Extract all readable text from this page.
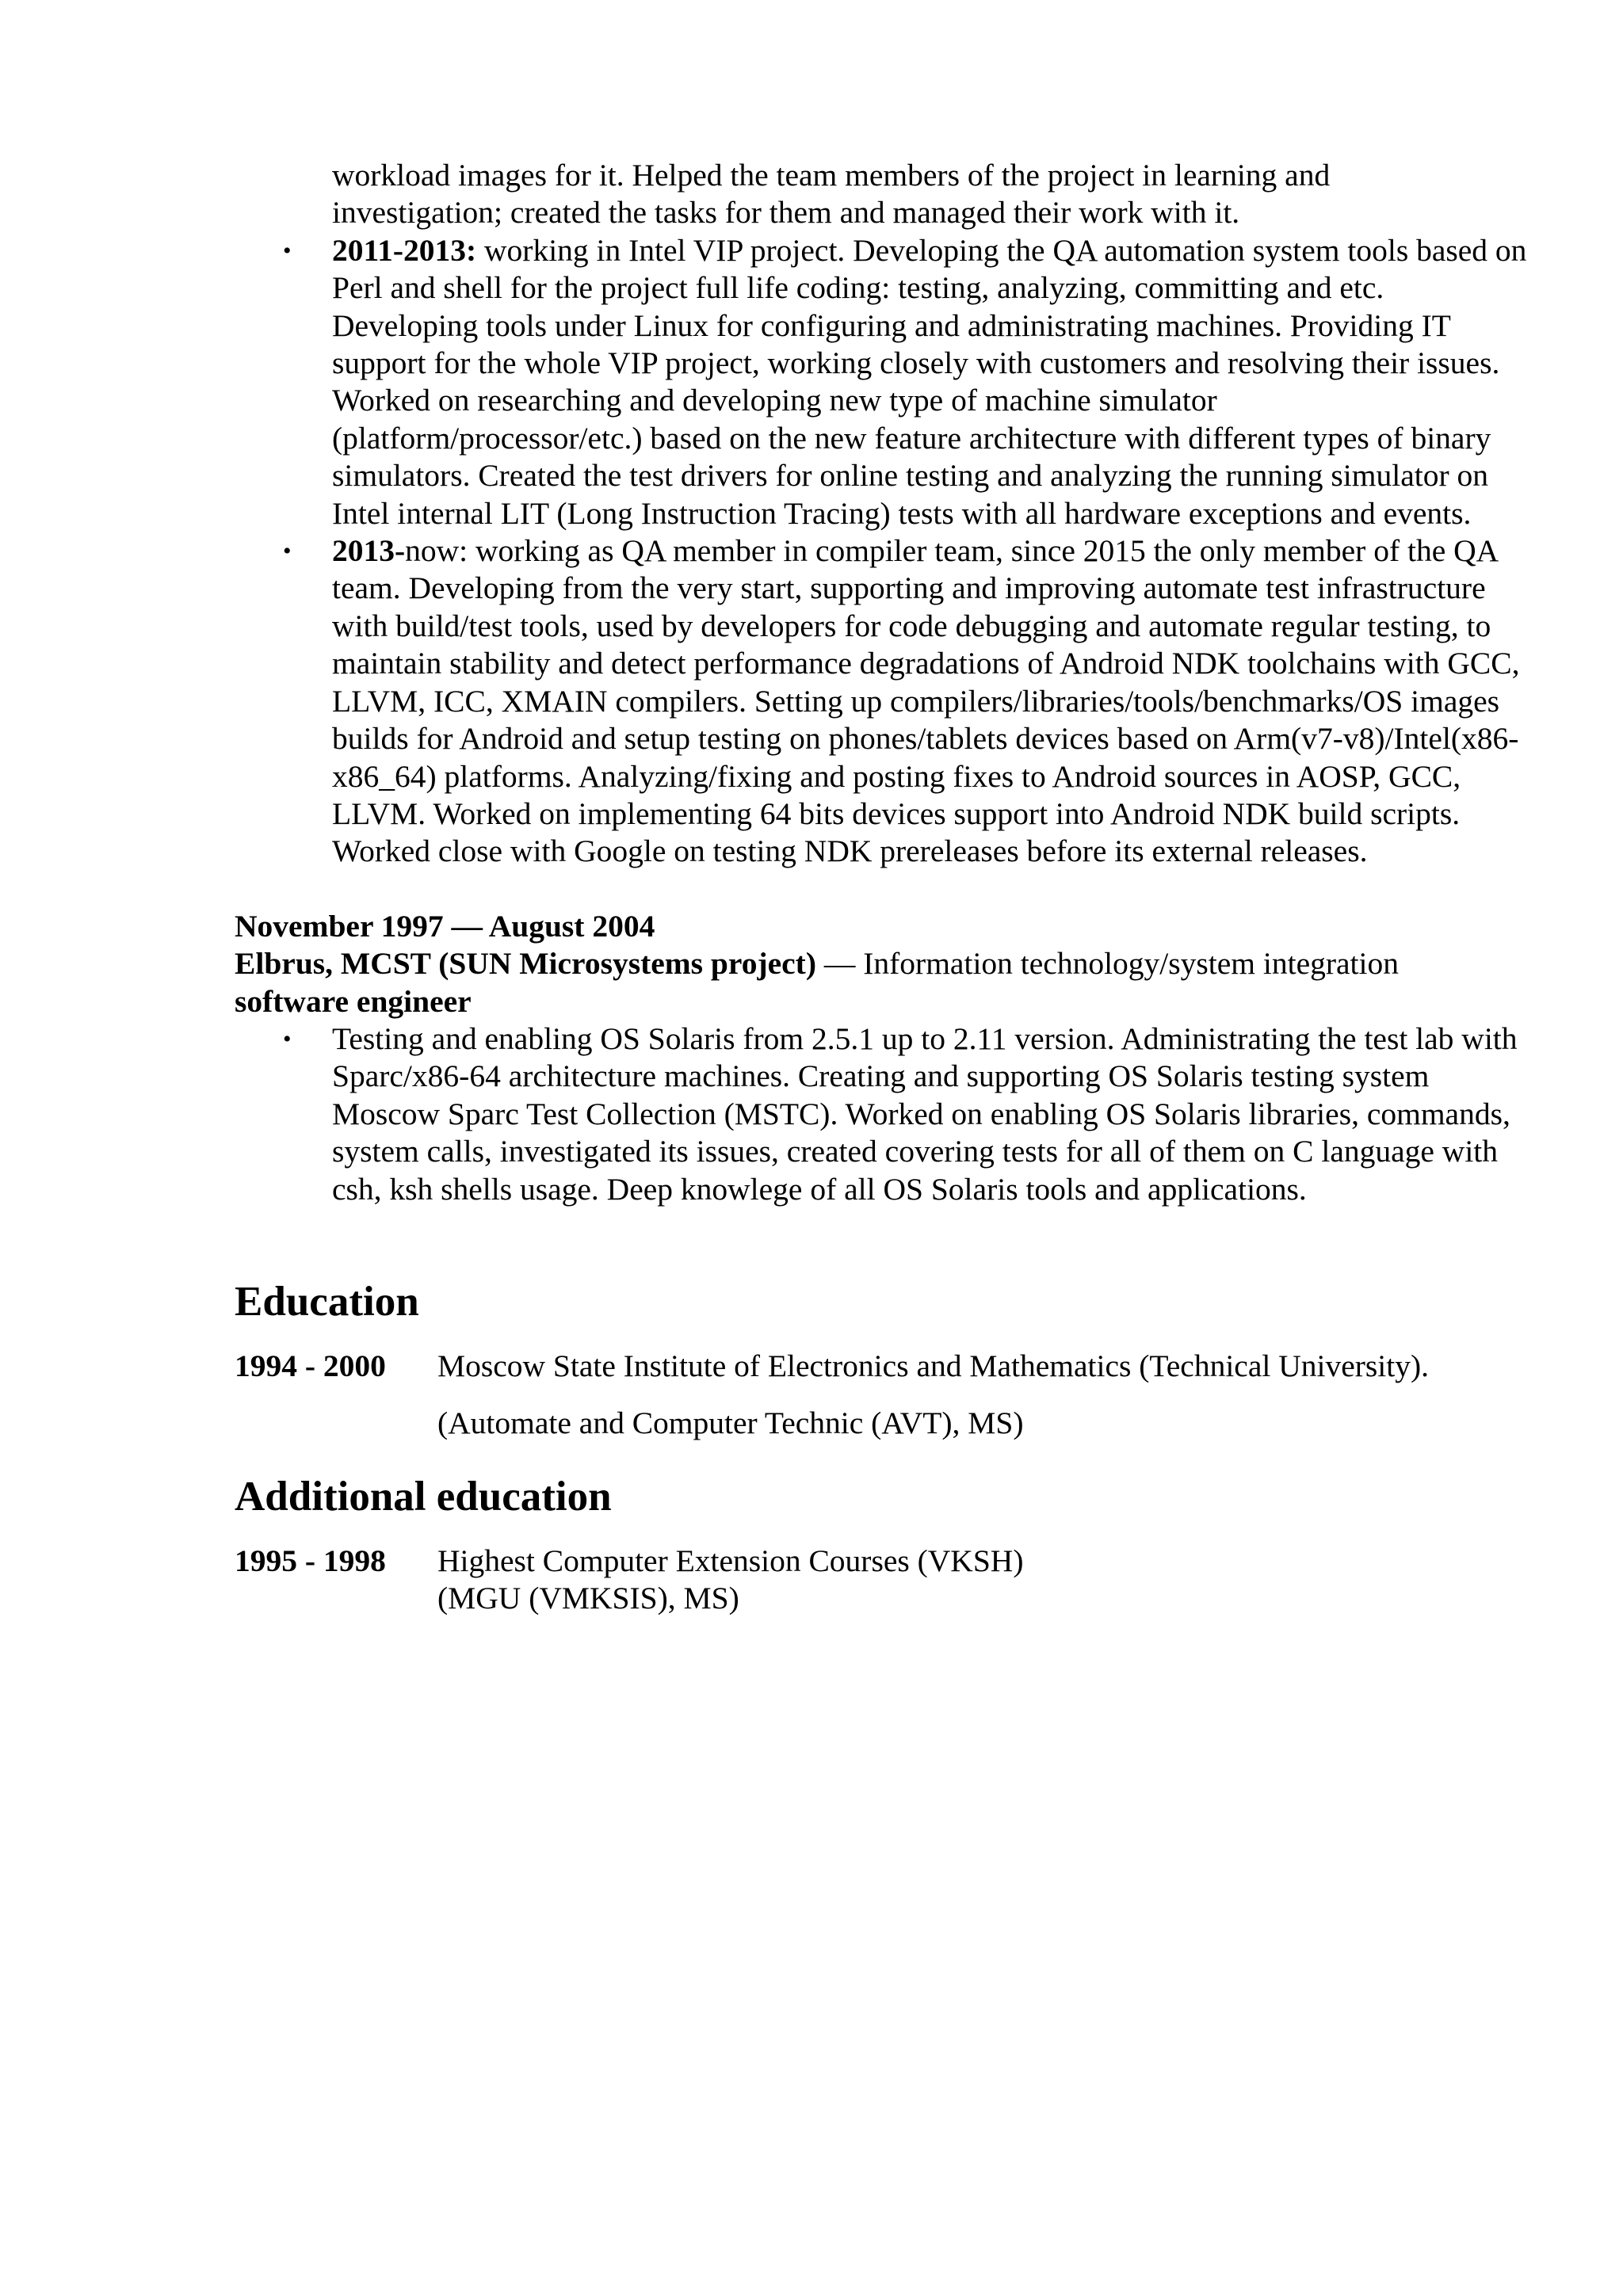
workload images for it. Helped the team members of the project in learning and
investigation; created the tasks for them and managed their work with it.
• 2011-2013: working in Intel VIP project. Developing the QA automation system tools based on Perl and shell for the project full life coding: testing, analyzing, committing and etc. Developing tools under Linux for configuring and administrating machines. Providing IT support for the whole VIP project, working closely with customers and resolving their issues. Worked on researching and developing new type of machine simulator (platform/processor/etc.) based on the new feature architecture with different types of binary simulators. Created the test drivers for online testing and analyzing the running simulator on Intel internal LIT (Long Instruction Tracing) tests with all hardware exceptions and events.
• 2013-now: working as QA member in compiler team, since 2015 the only member of the QA team. Developing from the very start, supporting and improving automate test infrastructure with build/test tools, used by developers for code debugging and automate regular testing, to maintain stability and detect performance degradations of Android NDK toolchains with GCC, LLVM, ICC, XMAIN compilers. Setting up compilers/libraries/tools/benchmarks/OS images builds for Android and setup testing on phones/tablets devices based on Arm(v7-v8)/Intel(x86-x86_64) platforms. Analyzing/fixing and posting fixes to Android sources in AOSP, GCC, LLVM. Worked on implementing 64 bits devices support into Android NDK build scripts. Worked close with Google on testing NDK prereleases before its external releases.
November 1997 — August 2004
Elbrus, MCST (SUN Microsystems project) — Information technology/system integration
software engineer
• Testing and enabling OS Solaris from 2.5.1 up to 2.11 version. Administrating the test lab with Sparc/x86-64 architecture machines. Creating and supporting OS Solaris testing system Moscow Sparc Test Collection (MSTC). Worked on enabling OS Solaris libraries, commands, system calls, investigated its issues, created covering tests for all of them on C language with csh, ksh shells usage. Deep knowlege of all OS Solaris tools and applications.
Education
1994 - 2000 Moscow State Institute of Electronics and Mathematics (Technical University).
(Automate and Computer Technic (AVT), MS)
Additional education
1995 - 1998 Highest Computer Extension Courses (VKSH)
(MGU (VMKSIS), MS)
